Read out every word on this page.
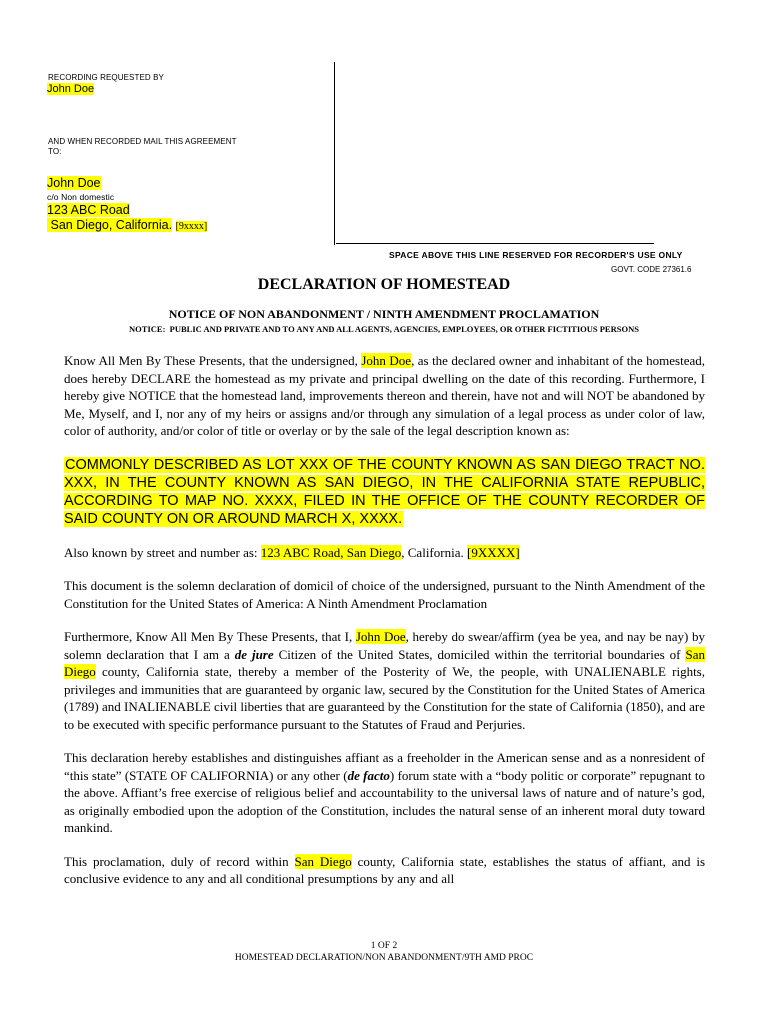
RECORDING REQUESTED BY
John Doe
AND WHEN RECORDED MAIL THIS AGREEMENT
TO:
John Doe
c/o Non domestic
123 ABC Road
San Diego, California. [9xxxx]
SPACE ABOVE THIS LINE RESERVED FOR RECORDER'S USE ONLY
GOVT. CODE 27361.6
DECLARATION OF HOMESTEAD
NOTICE OF NON ABANDONMENT / NINTH AMENDMENT PROCLAMATION
NOTICE: PUBLIC AND PRIVATE AND TO ANY AND ALL AGENTS, AGENCIES, EMPLOYEES, OR OTHER FICTITIOUS PERSONS

Know All Men By These Presents, that the undersigned, John Doe, as the declared owner and inhabitant of the homestead, does hereby DECLARE the homestead as my private and principal dwelling on the date of this recording. Furthermore, I hereby give NOTICE that the homestead land, improvements thereon and therein, have not and will NOT be abandoned by Me, Myself, and I, nor any of my heirs or assigns and/or through any simulation of a legal process as under color of law, color of authority, and/or color of title or overlay or by the sale of the legal description known as:

COMMONLY DESCRIBED AS LOT XXX OF THE COUNTY KNOWN AS SAN DIEGO TRACT NO. XXX, IN THE COUNTY KNOWN AS SAN DIEGO, IN THE CALIFORNIA STATE REPUBLIC, ACCORDING TO MAP NO. XXXX, FILED IN THE OFFICE OF THE COUNTY RECORDER OF SAID COUNTY ON OR AROUND MARCH X, XXXX.

Also known by street and number as: 123 ABC Road, San Diego, California. [9XXXX]

This document is the solemn declaration of domicil of choice of the undersigned, pursuant to the Ninth Amendment of the Constitution for the United States of America: A Ninth Amendment Proclamation

Furthermore, Know All Men By These Presents, that I, John Doe, hereby do swear/affirm (yea be yea, and nay be nay) by solemn declaration that I am a de jure Citizen of the United States, domiciled within the territorial boundaries of San Diego county, California state, thereby a member of the Posterity of We, the people, with UNALIENABLE rights, privileges and immunities that are guaranteed by organic law, secured by the Constitution for the United States of America (1789) and INALIENABLE civil liberties that are guaranteed by the Constitution for the state of California (1850), and are to be executed with specific performance pursuant to the Statutes of Fraud and Perjuries.

This declaration hereby establishes and distinguishes affiant as a freeholder in the American sense and as a nonresident of “this state” (STATE OF CALIFORNIA) or any other (de facto) forum state with a “body politic or corporate” repugnant to the above. Affiant’s free exercise of religious belief and accountability to the universal laws of nature and of nature’s god, as originally embodied upon the adoption of the Constitution, includes the natural sense of an inherent moral duty toward mankind.

This proclamation, duly of record within San Diego county, California state, establishes the status of affiant, and is conclusive evidence to any and all conditional presumptions by any and all

1 OF 2
HOMESTEAD DECLARATION/NON ABANDONMENT/9TH AMD PROC
